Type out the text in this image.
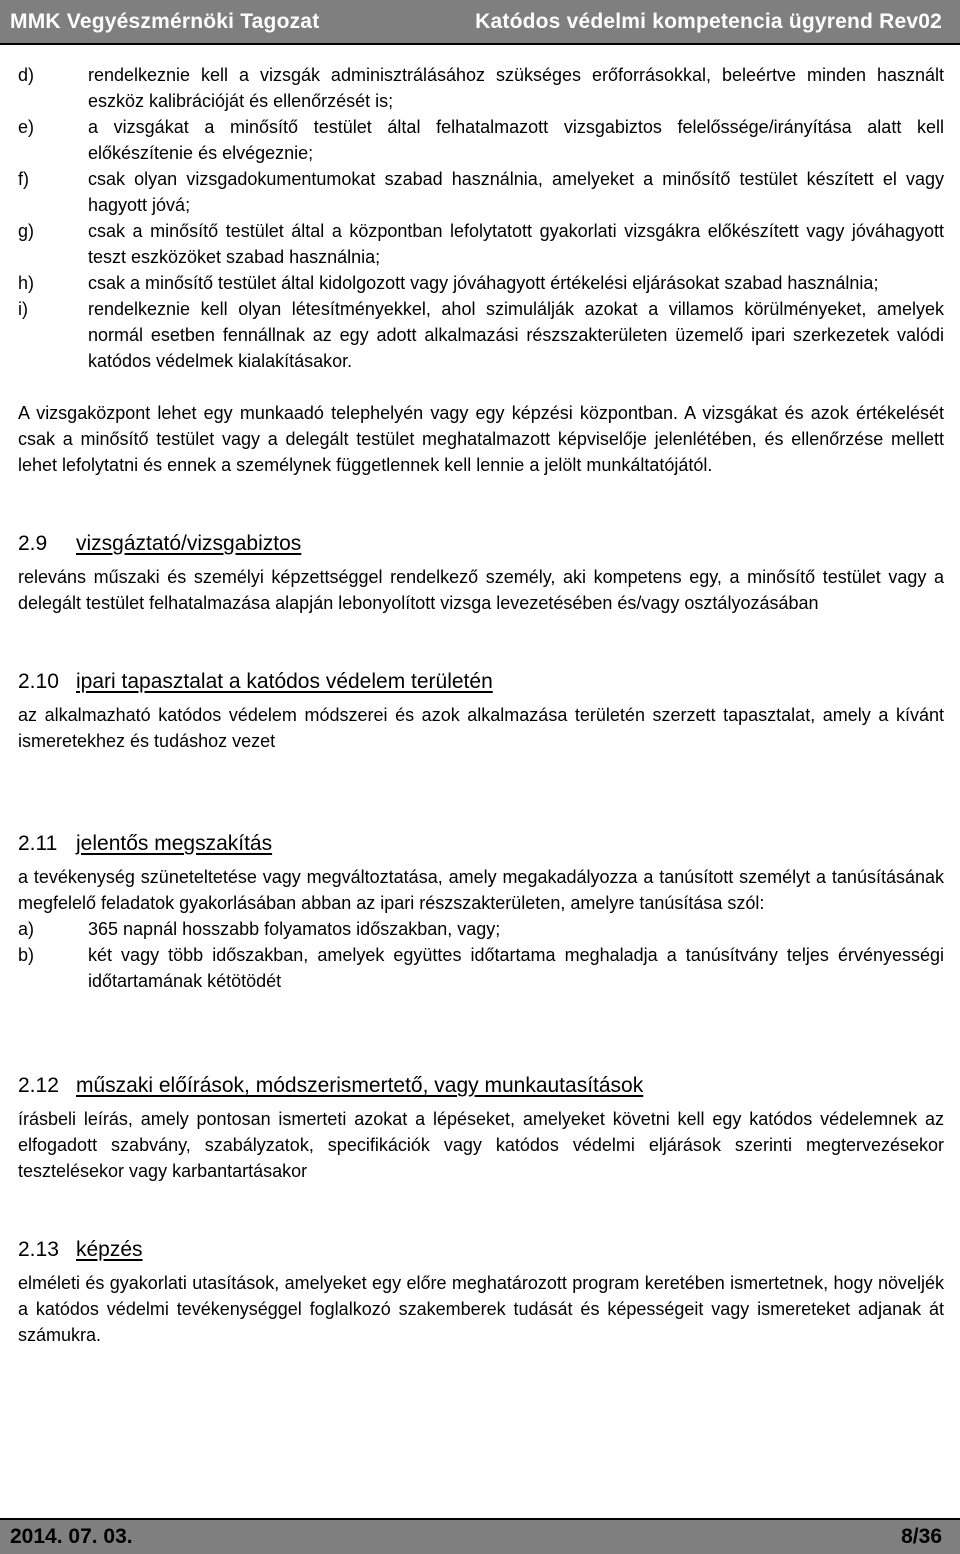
MMK Vegyészmérnöki Tagozat	Katódos védelmi kompetencia ügyrend Rev02
d)	rendelkeznie kell a vizsgák adminisztrálásához szükséges erőforrásokkal, beleértve minden használt eszköz kalibrációját és ellenőrzését is;
e)	a vizsgákat a minősítő testület által felhatalmazott vizsgabiztos felelőssége/irányítása alatt kell előkészítenie és elvégeznie;
f)	csak olyan vizsgadokumentumokat szabad használnia, amelyeket a minősítő testület készített el vagy hagyott jóvá;
g)	csak a minősítő testület által a központban lefolytatott gyakorlati vizsgákra előkészített vagy jóváhagyott teszt eszközöket szabad használnia;
h)	csak a minősítő testület által kidolgozott vagy jóváhagyott értékelési eljárásokat szabad használnia;
i)	rendelkeznie kell olyan létesítményekkel, ahol szimulálják azokat a villamos körülményeket, amelyek normál esetben fennállnak az egy adott alkalmazási részszakterületen üzemelő ipari szerkezetek valódi katódos védelmek kialakításakor.

A vizsgaközpont lehet egy munkaadó telephelyén vagy egy képzési központban. A vizsgákat és azok értékelését csak a minősítő testület vagy a delegált testület meghatalmazott képviselője jelenlétében, és ellenőrzése mellett lehet lefolytatni és ennek a személynek függetlennek kell lennie a jelölt munkáltatójától.

2.9	vizsgáztató/vizsgabiztos

releváns műszaki és személyi képzettséggel rendelkező személy, aki kompetens egy, a minősítő testület vagy a delegált testület felhatalmazása alapján lebonyolított vizsga levezetésében és/vagy osztályozásában

2.10 ipari tapasztalat a katódos védelem területén

az alkalmazható katódos védelem módszerei és azok alkalmazása területén szerzett tapasztalat, amely a kívánt ismeretekhez és tudáshoz vezet

2.11 jelentős megszakítás

a tevékenység szüneteltetése vagy megváltoztatása, amely megakadályozza a tanúsított személyt a tanúsításának megfelelő feladatok gyakorlásában abban az ipari részszakterületen, amelyre tanúsítása szól:

a)	365 napnál hosszabb folyamatos időszakban, vagy;
b)	két vagy több időszakban, amelyek együttes időtartama meghaladja a tanúsítvány teljes érvényességi időtartamának kétötödét
2.12 műszaki előírások, módszerismertető, vagy munkautasítások

írásbeli leírás, amely pontosan ismerteti azokat a lépéseket, amelyeket követni kell egy katódos védelemnek az elfogadott szabvány, szabályzatok, specifikációk vagy katódos védelmi eljárások szerinti megtervezésekor tesztelésekor vagy karbantartásakor

2.13 képzés

elméleti és gyakorlati utasítások, amelyeket egy előre meghatározott program keretében ismertetnek, hogy növeljék a katódos védelmi tevékenységgel foglalkozó szakemberek tudását és képességeit vagy ismereteket adjanak át számukra.

2014. 07. 03.	8/36
